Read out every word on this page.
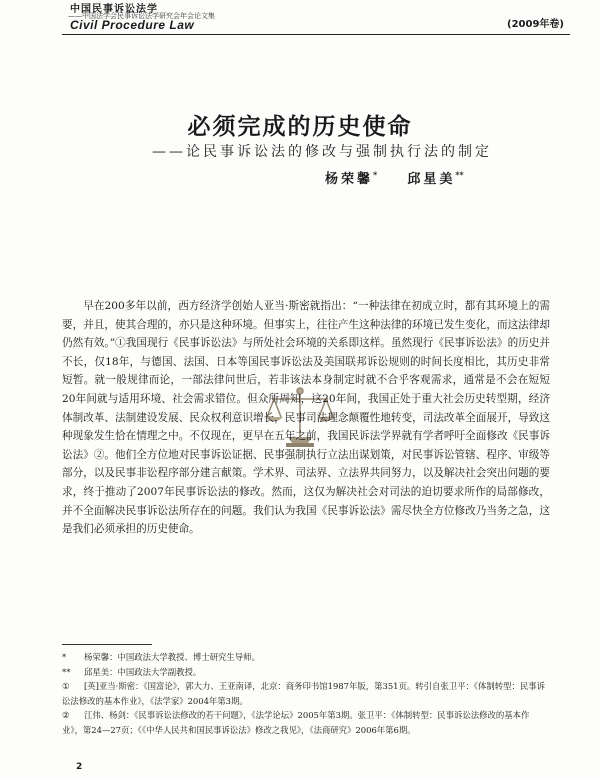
中国民事诉讼法学
——中国法学会民事诉讼法学研究会年会论文集
Civil Procedure Law	(2009年卷)
必须完成的历史使命
——论民事诉讼法的修改与强制执行法的制定
杨荣馨* 邱星美**

早在200多年以前，西方经济学创始人亚当·斯密就指出：“一种法律在初成立时，都有其环境上的需要，并且，使其合理的，亦只是这种环境。但事实上，往往产生这种法律的环境已发生变化，而这法律却仍然有效。”①我国现行《民事诉讼法》与所处社会环境的关系即这样。虽然现行《民事诉讼法》的历史并不长，仅18年，与德国、法国、日本等国民事诉讼法及美国联邦诉讼规则的时间长度相比，其历史非常短暂。就一般规律而论，一部法律问世后，若非该法本身制定时就不合乎客观需求，通常是不会在短短20年间就与适用环境、社会需求错位。但众所周知，这20年间，我国正处于重大社会历史转型期，经济体制改革、法制建设发展、民众权利意识增长，民事司法理念颠覆性地转变，司法改革全面展开，导致这种现象发生恰在情理之中。不仅现在，更早在五年之前，我国民诉法学界就有学者呼吁全面修改《民事诉讼法》②。他们全方位地对民事诉讼证据、民事强制执行立法出谋划策，对民事诉讼管辖、程序、审级等部分，以及民事非讼程序部分建言献策。学术界、司法界、立法界共同努力，以及解决社会突出问题的要求，终于推动了2007年民事诉讼法的修改。然而，这仅为解决社会对司法的迫切要求所作的局部修改，并不全面解决民事诉讼法所存在的问题。我们认为我国《民事诉讼法》需尽快全方位修改乃当务之急，这是我们必须承担的历史使命。

* 杨荣馨：中国政法大学教授、博士研究生导师。

** 邱星美：中国政法大学副教授。

① [英]亚当·斯密：《国富论》，郭大力、王亚南译，北京：商务印书馆1987年版，第351页。转引自张卫平：《体制转型：民事诉讼法修改的基本作业》，《法学家》2004年第3期。

② 江伟、杨剑：《民事诉讼法修改的若干问题》，《法学论坛》2005年第3期。张卫平：《体制转型：民事诉讼法修改的基本作业》，第24—27页；《《中华人民共和国民事诉讼法》修改之我见》，《法商研究》2006年第6期。

2
